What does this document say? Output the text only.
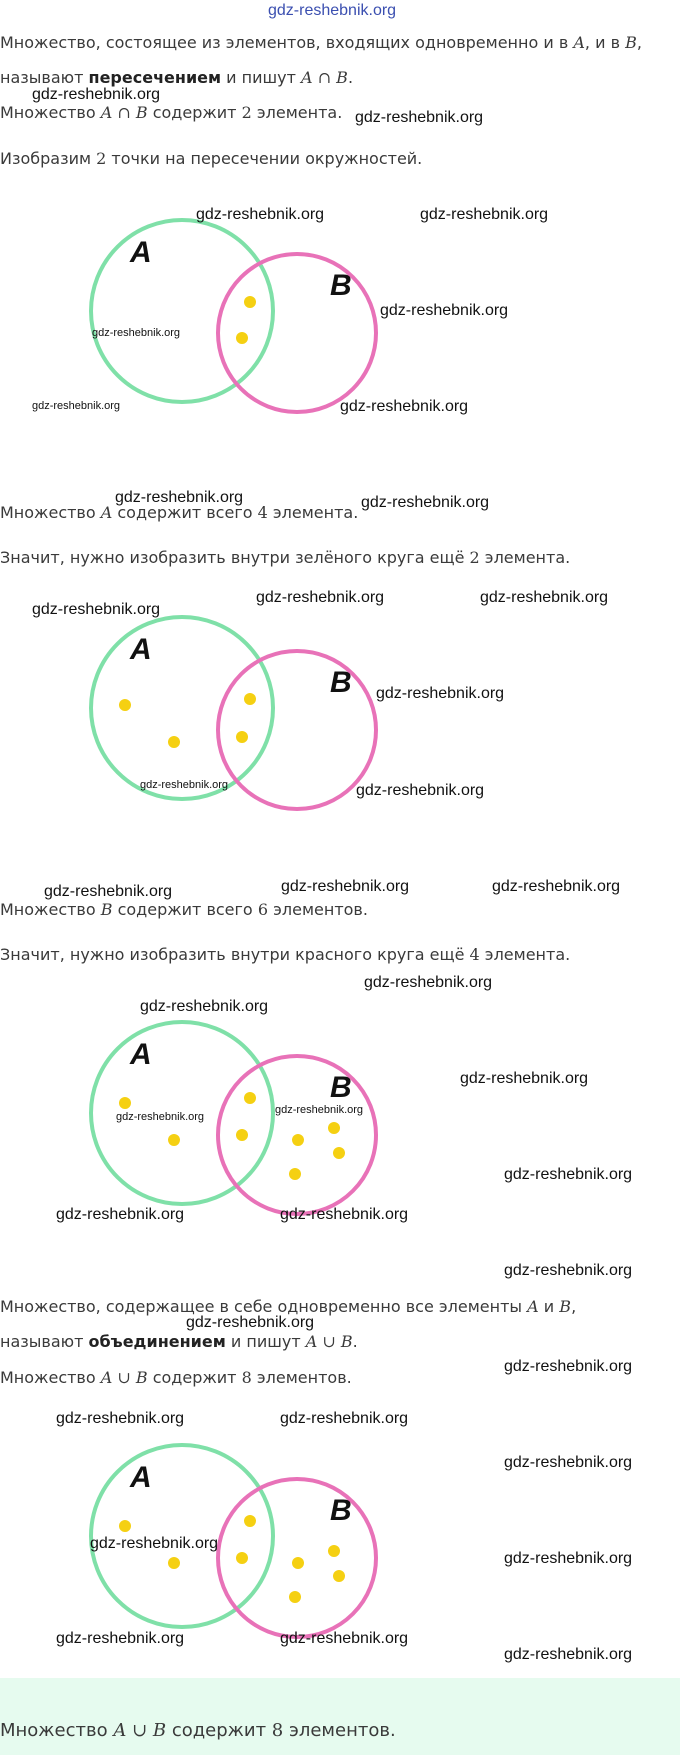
gdz-reshebnik.org
Множество, состоящее из элементов, входящих одновременно и в A, и в B,
называют пересечением и пишут A ∩ B.
Множество A ∩ B содержит 2 элемента.
Изобразим 2 точки на пересечении окружностей.
A
B
Множество A содержит всего 4 элемента.
Значит, нужно изобразить внутри зелёного круга ещё 2 элемента.
A
B
Множество B содержит всего 6 элементов.
Значит, нужно изобразить внутри красного круга ещё 4 элемента.
A
B
Множество, содержащее в себе одновременно все элементы A и B,
называют объединением и пишут A ∪ B.
Множество A ∪ B содержит 8 элементов.
A
B
Множество A ∪ B содержит 8 элементов.
gdz-reshebnik.org
gdz-reshebnik.org
gdz-reshebnik.org	gdz-reshebnik.org
gdz-reshebnik.org
gdz-reshebnik.org
gdz-reshebnik.org	gdz-reshebnik.org
gdz-reshebnik.org	gdz-reshebnik.org
gdz-reshebnik.org
gdz-reshebnik.org	gdz-reshebnik.org
gdz-reshebnik.org
gdz-reshebnik.org	gdz-reshebnik.org
gdz-reshebnik.org	gdz-reshebnik.org	gdz-reshebnik.org
gdz-reshebnik.org
gdz-reshebnik.org
gdz-reshebnik.org
gdz-reshebnik.org
gdz-reshebnik.org
gdz-reshebnik.org
gdz-reshebnik.org	gdz-reshebnik.org
gdz-reshebnik.org
gdz-reshebnik.org
gdz-reshebnik.org
gdz-reshebnik.org	gdz-reshebnik.org
gdz-reshebnik.org
gdz-reshebnik.org
gdz-reshebnik.org
gdz-reshebnik.org	gdz-reshebnik.org
gdz-reshebnik.org
